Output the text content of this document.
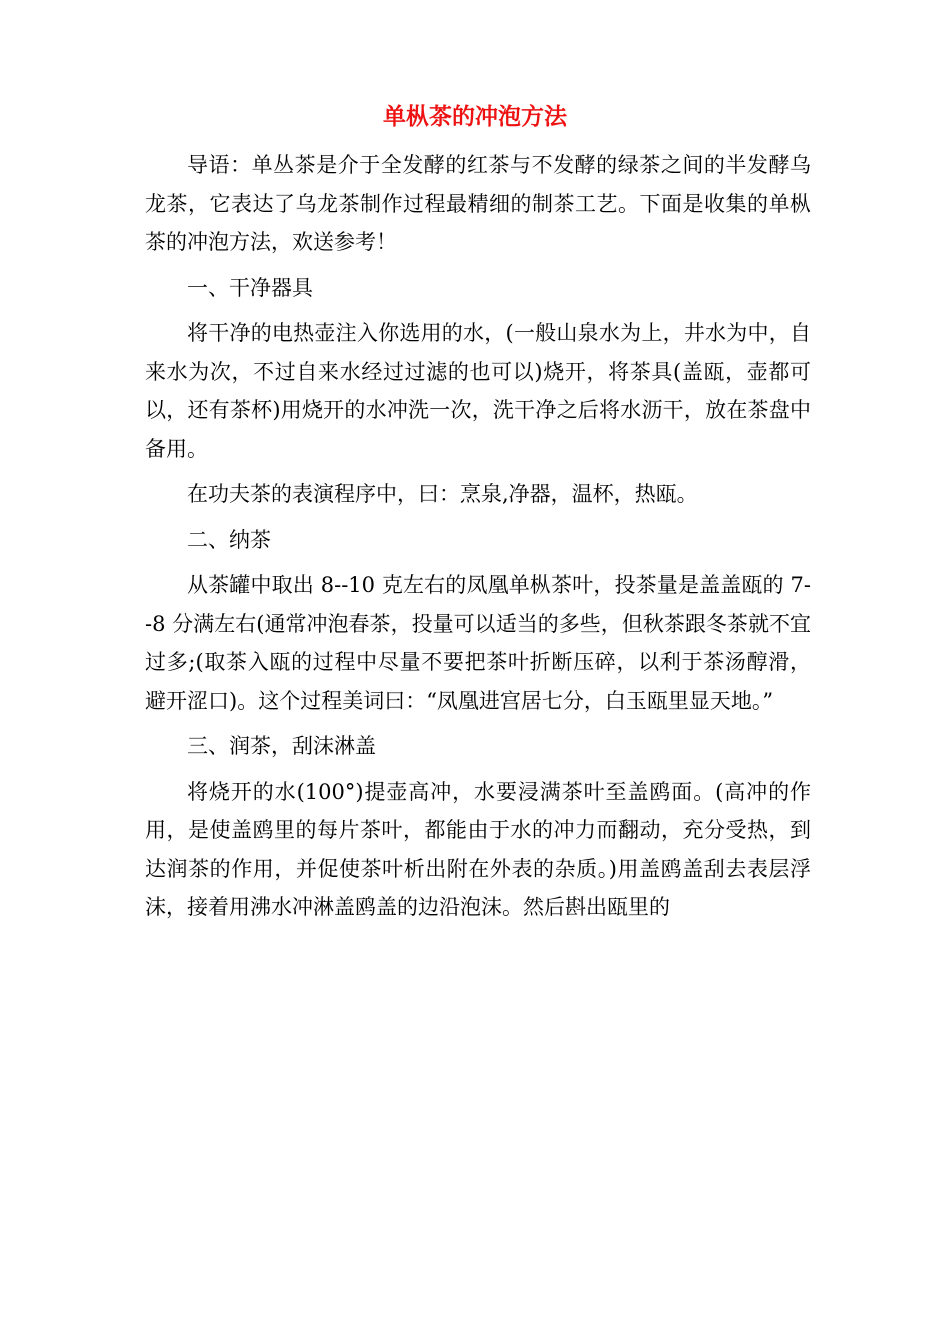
单枞茶的冲泡方法

导语：单丛茶是介于全发酵的红茶与不发酵的绿茶之间的半发酵乌龙茶，它表达了乌龙茶制作过程最精细的制茶工艺。下面是收集的单枞茶的冲泡方法，欢送参考！

一、干净器具

将干净的电热壶注入你选用的水，(一般山泉水为上，井水为中，自来水为次，不过自来水经过过滤的也可以)烧开，将茶具(盖瓯，壶都可以，还有茶杯)用烧开的水冲洗一次，洗干净之后将水沥干，放在茶盘中备用。

在功夫茶的表演程序中，曰：烹泉,净器，温杯，热瓯。

二、纳茶

从茶罐中取出 8--10 克左右的凤凰单枞茶叶，投茶量是盖盖瓯的 7--8 分满左右(通常冲泡春茶，投量可以适当的多些，但秋茶跟冬茶就不宜过多;(取茶入瓯的过程中尽量不要把茶叶折断压碎，以利于茶汤醇滑，避开涩口)。这个过程美词曰：“凤凰进宫居七分，白玉瓯里显天地。”

三、润茶，刮沫淋盖

将烧开的水(100°)提壶高冲，水要浸满茶叶至盖鸥面。(高冲的作用，是使盖鸥里的每片茶叶，都能由于水的冲力而翻动，充分受热，到达润茶的作用，并促使茶叶析出附在外表的杂质。)用盖鸥盖刮去表层浮沫，接着用沸水冲淋盖鸥盖的边沿泡沫。然后斟出瓯里的
